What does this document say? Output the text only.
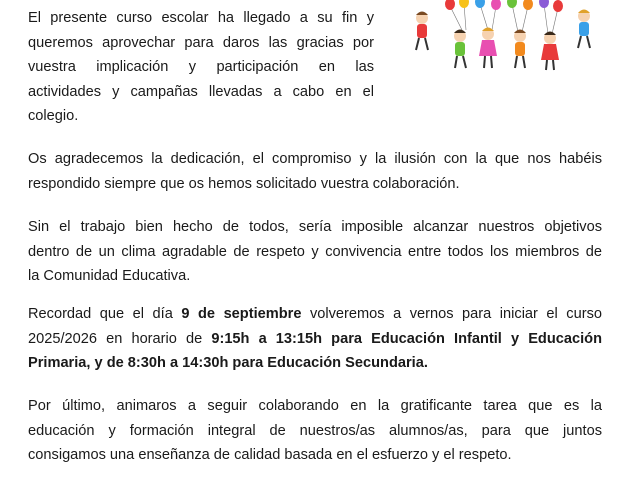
El presente curso escolar ha llegado a su fin y
queremos aprovechar para daros las gracias por
vuestra implicación y participación en las
actividades y campañas llevadas a cabo en el
colegio.
Os agradecemos la dedicación, el compromiso y la ilusión con la que nos habéis
respondido siempre que os hemos solicitado vuestra colaboración.
Sin el trabajo bien hecho de todos, sería imposible alcanzar nuestros objetivos
dentro de un clima agradable de respeto y convivencia entre todos los miembros de
la Comunidad Educativa.
Recordad que el día 9 de septiembre volveremos a vernos para iniciar el curso
2025/2026 en horario de 9:15h a 13:15h para Educación Infantil y Educación
Primaria, y de 8:30h a 14:30h para Educación Secundaria.
Por último, animaros a seguir colaborando en la gratificante tarea que es la
educación y formación integral de nuestros/as alumnos/as, para que juntos
consigamos una enseñanza de calidad basada en el esfuerzo y el respeto.
